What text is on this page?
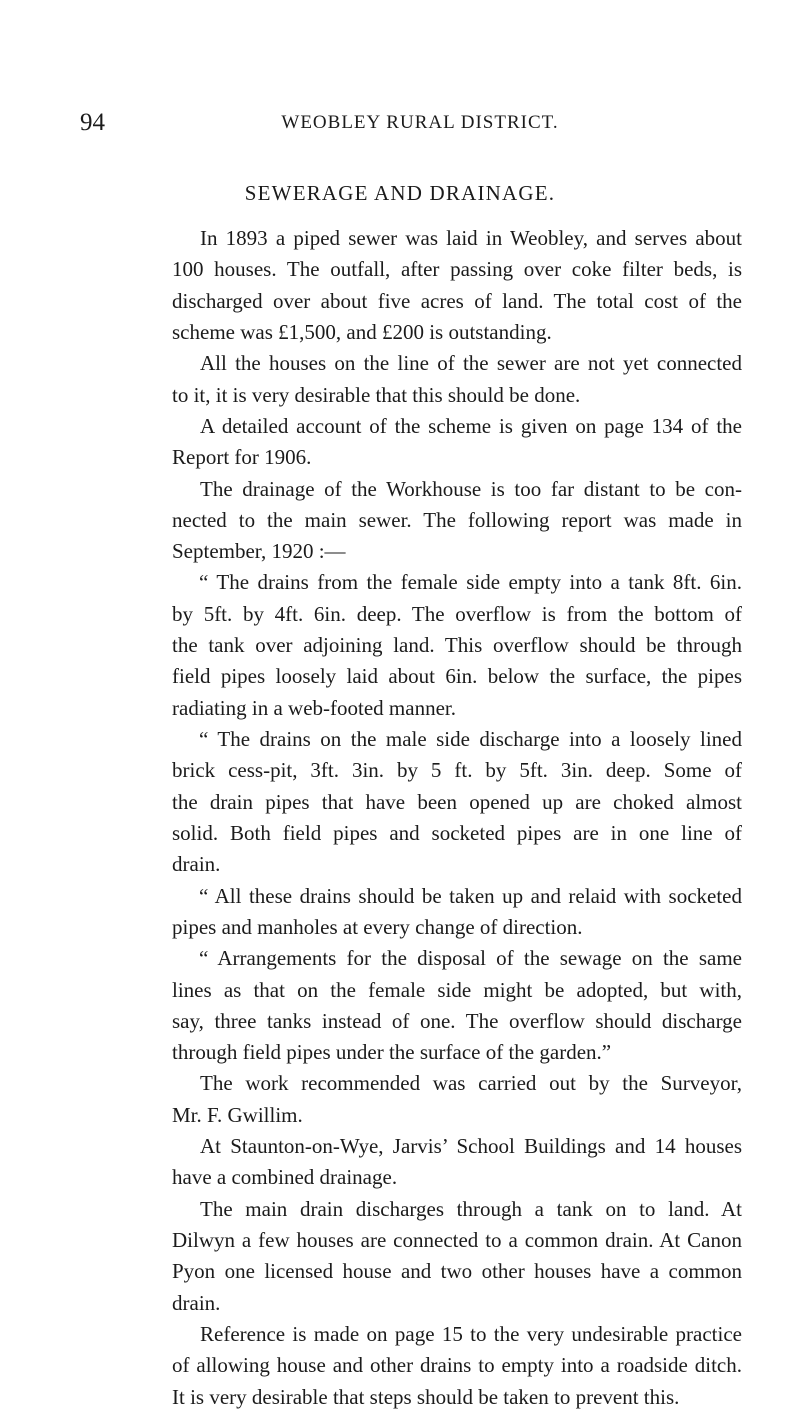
94	WEOBLEY RURAL DISTRICT.
SEWERAGE AND DRAINAGE.
In 1893 a piped sewer was laid in Weobley, and serves about
100 houses. The outfall, after passing over coke filter beds, is
discharged over about five acres of land. The total cost of the
scheme was £1,500, and £200 is outstanding.
All the houses on the line of the sewer are not yet connected
to it, it is very desirable that this should be done.
A detailed account of the scheme is given on page 134 of the
Report for 1906.
The drainage of the Workhouse is too far distant to be con-
nected to the main sewer. The following report was made in
September, 1920 :—
“ The drains from the female side empty into a tank 8ft. 6in.
by 5ft. by 4ft. 6in. deep. The overflow is from the bottom of
the tank over adjoining land. This overflow should be through
field pipes loosely laid about 6in. below the surface, the pipes
radiating in a web-footed manner.
“ The drains on the male side discharge into a loosely lined
brick cess-pit, 3ft. 3in. by 5 ft. by 5ft. 3in. deep. Some of
the drain pipes that have been opened up are choked almost
solid. Both field pipes and socketed pipes are in one line of
drain.
“ All these drains should be taken up and relaid with socketed
pipes and manholes at every change of direction.
“ Arrangements for the disposal of the sewage on the same
lines as that on the female side might be adopted, but with,
say, three tanks instead of one. The overflow should discharge
through field pipes under the surface of the garden.”
The work recommended was carried out by the Surveyor,
Mr. F. Gwillim.
At Staunton-on-Wye, Jarvis’ School Buildings and 14 houses
have a combined drainage.
The main drain discharges through a tank on to land. At
Dilwyn a few houses are connected to a common drain. At Canon
Pyon one licensed house and two other houses have a common
drain.
Reference is made on page 15 to the very undesirable practice
of allowing house and other drains to empty into a roadside ditch.
It is very desirable that steps should be taken to prevent this.
